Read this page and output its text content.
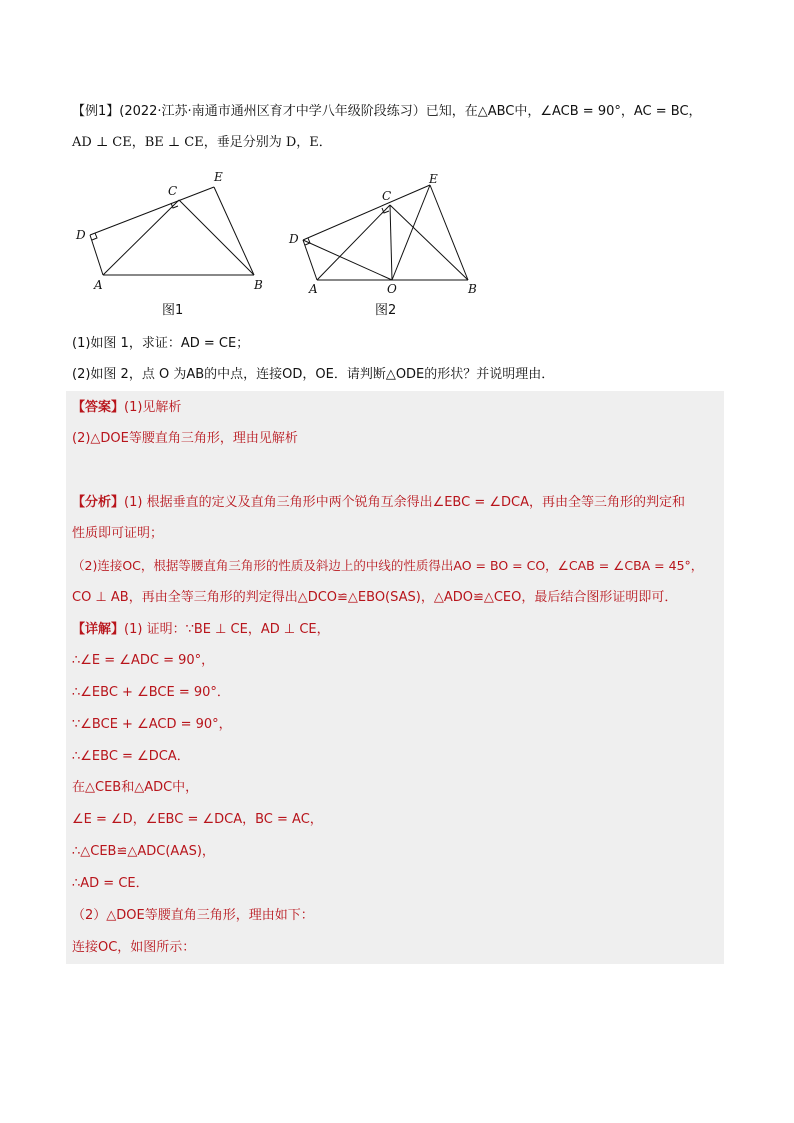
【例1】(2022·江苏·南通市通州区育才中学八年级阶段练习）已知，在△ABC中，∠ACB = 90°，AC = BC，
AD ⊥ CE，BE ⊥ CE，垂足分别为 D，E．
C
E
D
A	B
图1
C
E
D
A	O	B
图2
(1)如图 1，求证：AD = CE；
(2)如图 2，点 O 为AB的中点，连接OD，OE．请判断△ODE的形状？并说明理由．
【答案】(1)见解析
(2)△DOE等腰直角三角形，理由见解析
【分析】(1) 根据垂直的定义及直角三角形中两个锐角互余得出∠EBC = ∠DCA，再由全等三角形的判定和
性质即可证明；
（2)连接OC，根据等腰直角三角形的性质及斜边上的中线的性质得出AO = BO = CO，∠CAB = ∠CBA = 45°，
CO ⊥ AB，再由全等三角形的判定得出△DCO≌△EBO(SAS)，△ADO≌△CEO，最后结合图形证明即可．
【详解】(1) 证明：∵BE ⊥ CE，AD ⊥ CE，
∴∠E = ∠ADC = 90°，
∴∠EBC + ∠BCE = 90°．
∵∠BCE + ∠ACD = 90°，
∴∠EBC = ∠DCA．
在△CEB和△ADC中，
∠E = ∠D，∠EBC = ∠DCA，BC = AC，
∴△CEB≌△ADC(AAS)，
∴AD = CE．
（2）△DOE等腰直角三角形，理由如下：
连接OC，如图所示：
